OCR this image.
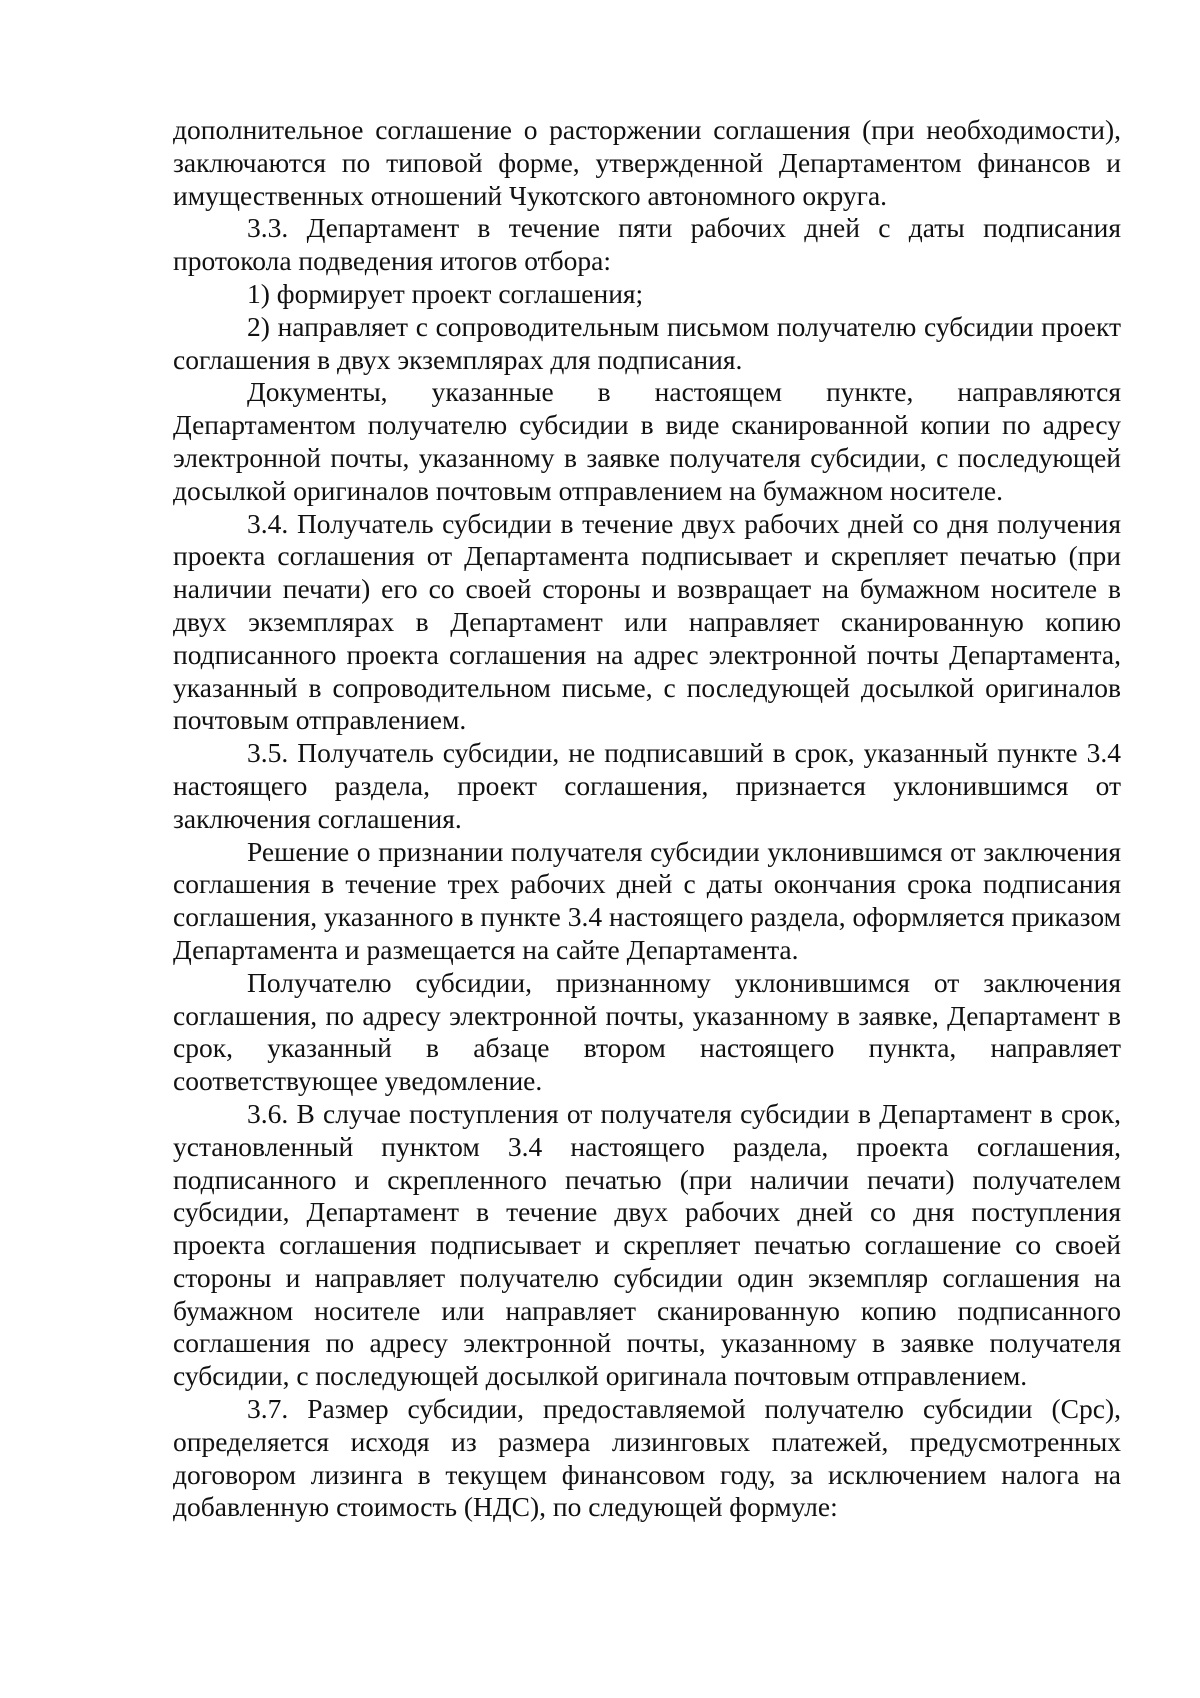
дополнительное соглашение о расторжении соглашения (при необходимости), заключаются по типовой форме, утвержденной Департаментом финансов и имущественных отношений Чукотского автономного округа.

3.3. Департамент в течение пяти рабочих дней с даты подписания протокола подведения итогов отбора:

1) формирует проект соглашения;

2) направляет с сопроводительным письмом получателю субсидии проект соглашения в двух экземплярах для подписания.

Документы, указанные в настоящем пункте, направляются Департаментом получателю субсидии в виде сканированной копии по адресу электронной почты, указанному в заявке получателя субсидии, с последующей досылкой оригиналов почтовым отправлением на бумажном носителе.

3.4. Получатель субсидии в течение двух рабочих дней со дня получения проекта соглашения от Департамента подписывает и скрепляет печатью (при наличии печати) его со своей стороны и возвращает на бумажном носителе в двух экземплярах в Департамент или направляет сканированную копию подписанного проекта соглашения на адрес электронной почты Департамента, указанный в сопроводительном письме, с последующей досылкой оригиналов почтовым отправлением.

3.5. Получатель субсидии, не подписавший в срок, указанный пункте 3.4 настоящего раздела, проект соглашения, признается уклонившимся от заключения соглашения.

Решение о признании получателя субсидии уклонившимся от заключения соглашения в течение трех рабочих дней с даты окончания срока подписания соглашения, указанного в пункте 3.4 настоящего раздела, оформляется приказом Департамента и размещается на сайте Департамента.

Получателю субсидии, признанному уклонившимся от заключения соглашения, по адресу электронной почты, указанному в заявке, Департамент в срок, указанный в абзаце втором настоящего пункта, направляет соответствующее уведомление.

3.6. В случае поступления от получателя субсидии в Департамент в срок, установленный пунктом 3.4 настоящего раздела, проекта соглашения, подписанного и скрепленного печатью (при наличии печати) получателем субсидии, Департамент в течение двух рабочих дней со дня поступления проекта соглашения подписывает и скрепляет печатью соглашение со своей стороны и направляет получателю субсидии один экземпляр соглашения на бумажном носителе или направляет сканированную копию подписанного соглашения по адресу электронной почты, указанному в заявке получателя субсидии, с последующей досылкой оригинала почтовым отправлением.

3.7. Размер субсидии, предоставляемой получателю субсидии (Срс), определяется исходя из размера лизинговых платежей, предусмотренных договором лизинга в текущем финансовом году, за исключением налога на добавленную стоимость (НДС), по следующей формуле:
